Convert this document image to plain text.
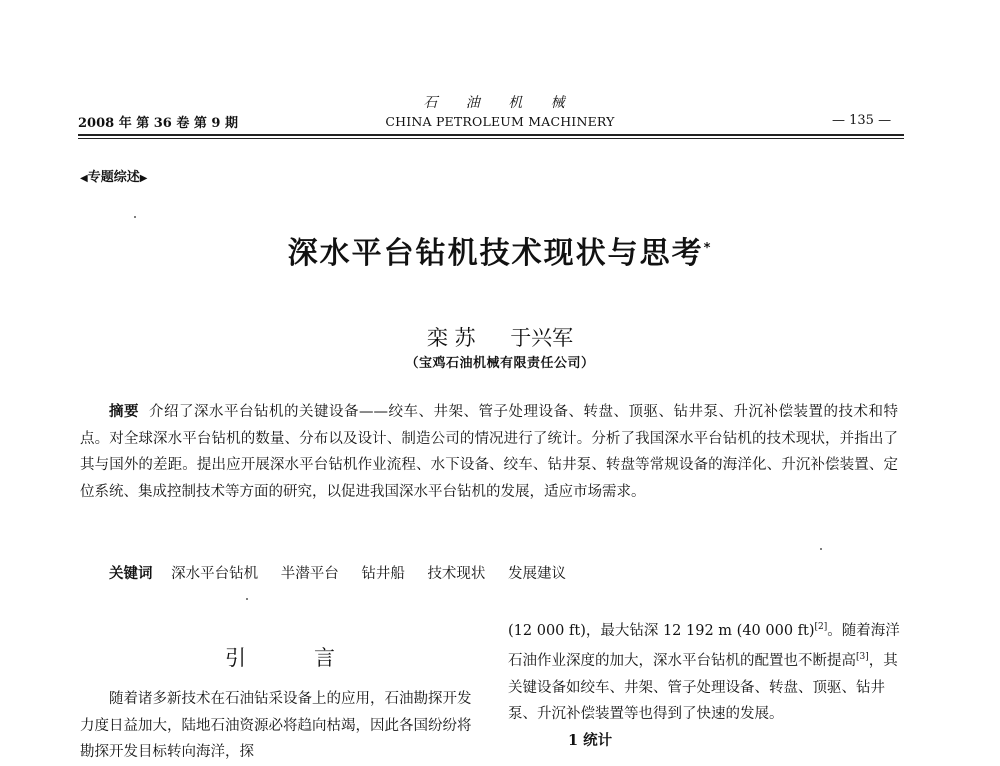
石 油 机 械
CHINA PETROLEUM MACHINERY
2008 年 第 36 卷 第 9 期	— 135 —
◀专题综述▶
深水平台钻机技术现状与思考*
栾 苏 于兴军
（宝鸡石油机械有限责任公司）
摘要 介绍了深水平台钻机的关键设备——绞车、井架、管子处理设备、转盘、顶驱、钻井泵、升沉补偿装置的技术和特点。对全球深水平台钻机的数量、分布以及设计、制造公司的情况进行了统计。分析了我国深水平台钻机的技术现状，并指出了其与国外的差距。提出应开展深水平台钻机作业流程、水下设备、绞车、钻井泵、转盘等常规设备的海洋化、升沉补偿装置、定位系统、集成控制技术等方面的研究，以促进我国深水平台钻机的发展，适应市场需求。
关键词 深水平台钻机 半潜平台 钻井船 技术现状 发展建议
引	言
随着诸多新技术在石油钻采设备上的应用，石油勘探开发力度日益加大，陆地石油资源必将趋向枯竭，因此各国纷纷将勘探开发目标转向海洋，探
(12 000 ft)，最大钻深 12 192 m (40 000 ft)[2]。随着海洋石油作业深度的加大，深水平台钻机的配置也不断提高[3]，其关键设备如绞车、井架、管子处理设备、转盘、顶驱、钻井泵、升沉补偿装置等也得到了快速的发展。
1 统计
